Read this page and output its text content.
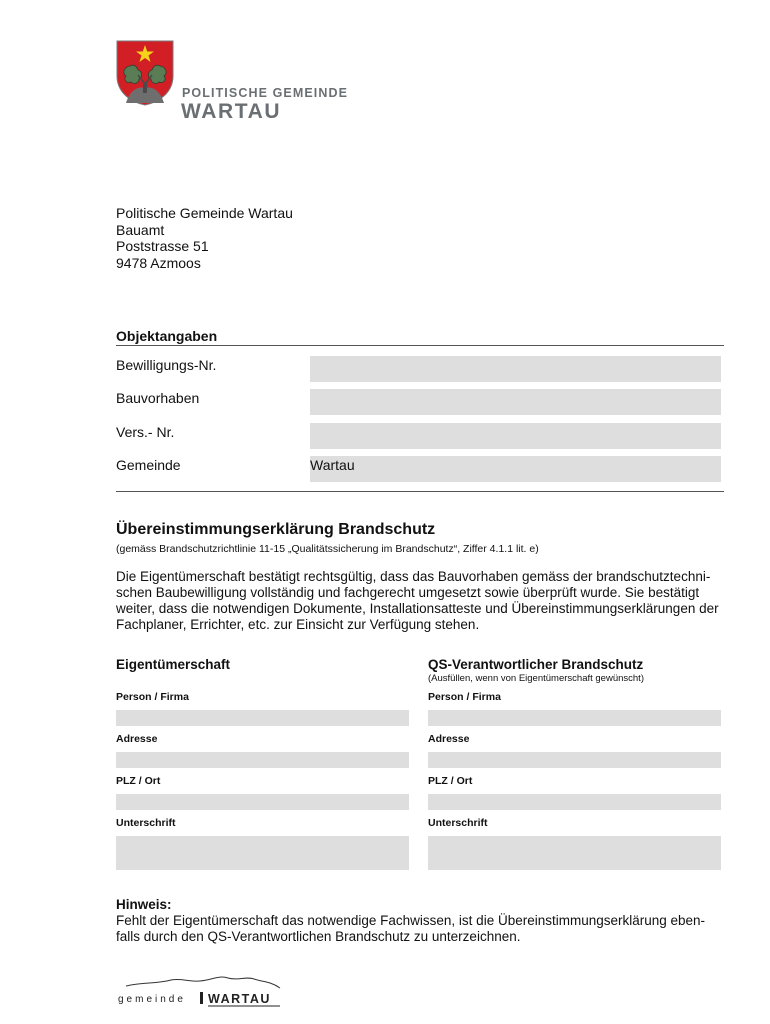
POLITISCHE GEMEINDE
WARTAU
Politische Gemeinde Wartau
Bauamt
Poststrasse 51
9478 Azmoos
Objektangaben
Bewilligungs-Nr.
Bauvorhaben
Vers.- Nr.
Gemeinde	Wartau
Übereinstimmungserklärung Brandschutz
(gemäss Brandschutzrichtlinie 11-15 „Qualitätssicherung im Brandschutz“, Ziffer 4.1.1 lit. e)
Die Eigentümerschaft bestätigt rechtsgültig, dass das Bauvorhaben gemäss der brandschutztechni-
schen Baubewilligung vollständig und fachgerecht umgesetzt sowie überprüft wurde. Sie bestätigt
weiter, dass die notwendigen Dokumente, Installationsatteste und Übereinstimmungserklärungen der
Fachplaner, Errichter, etc. zur Einsicht zur Verfügung stehen.
Eigentümerschaft
Person / Firma
Adresse
PLZ / Ort
Unterschrift
QS-Verantwortlicher Brandschutz
(Ausfüllen, wenn von Eigentümerschaft gewünscht)
Person / Firma
Adresse
PLZ / Ort
Unterschrift
Hinweis:
Fehlt der Eigentümerschaft das notwendige Fachwissen, ist die Übereinstimmungserklärung eben-
falls durch den QS-Verantwortlichen Brandschutz zu unterzeichnen.
gemeinde WARTAU
